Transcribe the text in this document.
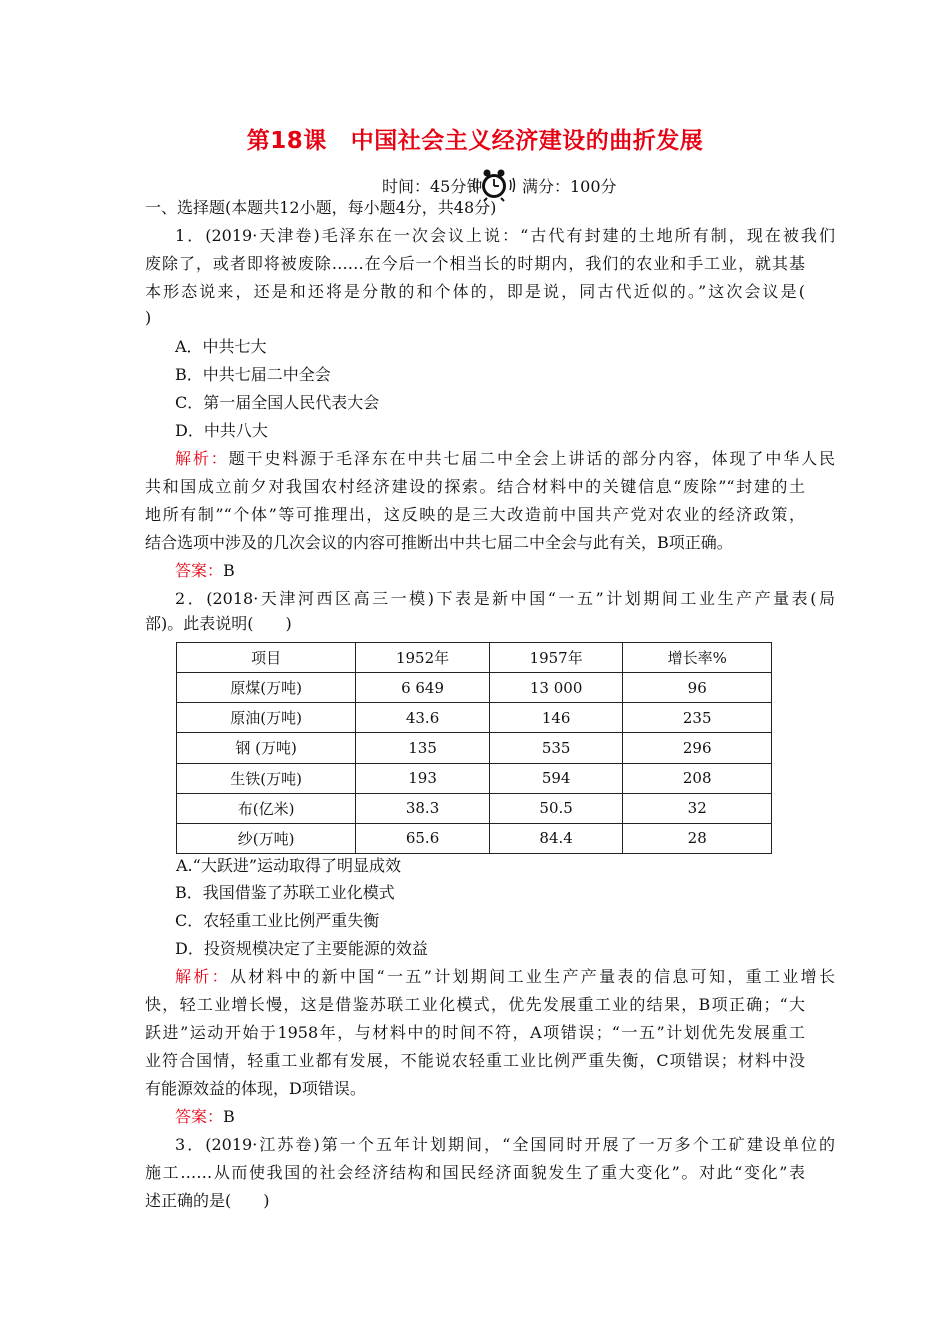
第18课 中国社会主义经济建设的曲折发展
时间：45分钟 满分：100分
一、选择题(本题共12小题，每小题4分，共48分)
1．(2019·天津卷)毛泽东在一次会议上说：“古代有封建的土地所有制，现在被我们
废除了，或者即将被废除……在今后一个相当长的时期内，我们的农业和手工业，就其基
本形态说来，还是和还将是分散的和个体的，即是说，同古代近似的。”这次会议是(
)
A．中共七大
B．中共七届二中全会
C．第一届全国人民代表大会
D．中共八大
解析：题干史料源于毛泽东在中共七届二中全会上讲话的部分内容，体现了中华人民
共和国成立前夕对我国农村经济建设的探索。结合材料中的关键信息“废除”“封建的土
地所有制”“个体”等可推理出，这反映的是三大改造前中国共产党对农业的经济政策，
结合选项中涉及的几次会议的内容可推断出中共七届二中全会与此有关，B项正确。
答案：B
2．(2018·天津河西区高三一模)下表是新中国“一五”计划期间工业生产产量表(局
部)。此表说明(　　)
项目	1952年	1957年	增长率%
原煤(万吨)	6 649	13 000	96
原油(万吨)	43.6	146	235
钢 (万吨)	135	535	296
生铁(万吨)	193	594	208
布(亿米)	38.3	50.5	32
纱(万吨)	65.6	84.4	28
A.“大跃进”运动取得了明显成效
B．我国借鉴了苏联工业化模式
C．农轻重工业比例严重失衡
D．投资规模决定了主要能源的效益
解析：从材料中的新中国“一五”计划期间工业生产产量表的信息可知，重工业增长
快，轻工业增长慢，这是借鉴苏联工业化模式，优先发展重工业的结果，B项正确；“大
跃进”运动开始于1958年，与材料中的时间不符，A项错误；“一五”计划优先发展重工
业符合国情，轻重工业都有发展，不能说农轻重工业比例严重失衡，C项错误；材料中没
有能源效益的体现，D项错误。
答案：B
3．(2019·江苏卷)第一个五年计划期间，“全国同时开展了一万多个工矿建设单位的
施工……从而使我国的社会经济结构和国民经济面貌发生了重大变化”。对此“变化”表
述正确的是(　　)
